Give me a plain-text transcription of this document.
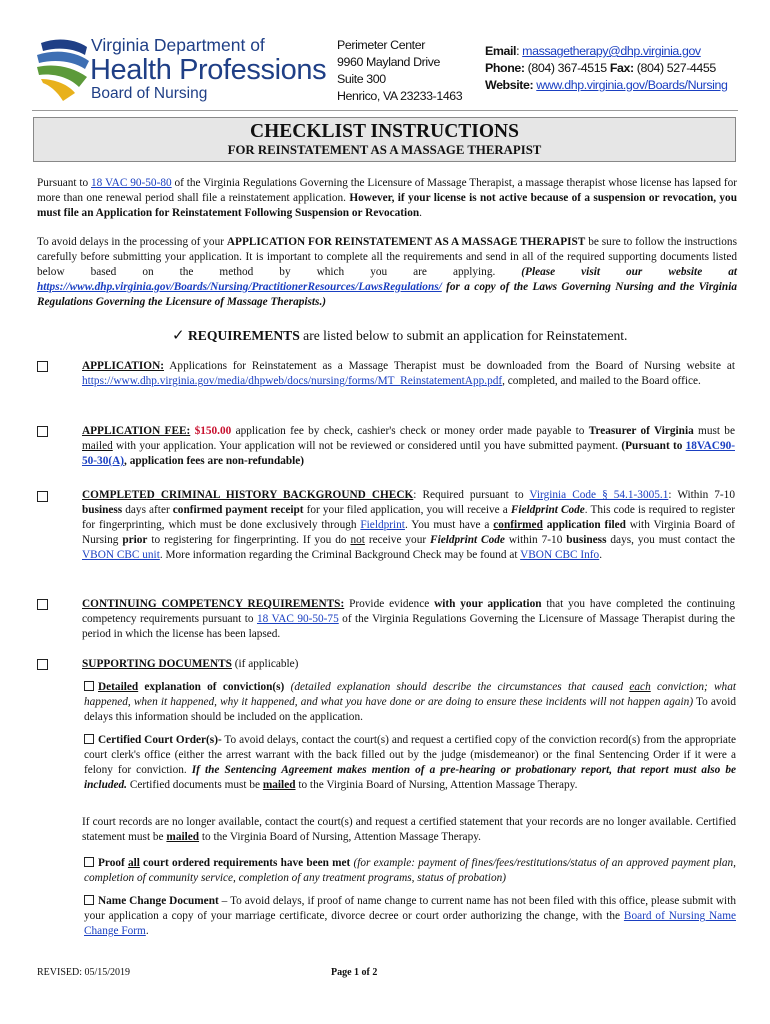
Virginia Department of
Health Professions
Board of Nursing
Perimeter Center
9960 Mayland Drive
Suite 300
Henrico, VA 23233-1463
Email: massagetherapy@dhp.virginia.gov
Phone: (804) 367-4515 Fax: (804) 527-4455
Website: www.dhp.virginia.gov/Boards/Nursing
CHECKLIST INSTRUCTIONS
FOR REINSTATEMENT AS A MASSAGE THERAPIST
Pursuant to 18 VAC 90-50-80 of the Virginia Regulations Governing the Licensure of Massage Therapist, a massage therapist whose license has lapsed for more than one renewal period shall file a reinstatement application. However, if your license is not active because of a suspension or revocation, you must file an Application for Reinstatement Following Suspension or Revocation.
To avoid delays in the processing of your APPLICATION FOR REINSTATEMENT AS A MASSAGE THERAPIST be sure to follow the instructions carefully before submitting your application. It is important to complete all the requirements and send in all of the required supporting documents listed below based on the method by which you are applying. (Please visit our website at https://www.dhp.virginia.gov/Boards/Nursing/PractitionerResources/LawsRegulations/ for a copy of the Laws Governing Nursing and the Virginia Regulations Governing the Licensure of Massage Therapists.)
✓ REQUIREMENTS are listed below to submit an application for Reinstatement.
APPLICATION: Applications for Reinstatement as a Massage Therapist must be downloaded from the Board of Nursing website at https://www.dhp.virginia.gov/media/dhpweb/docs/nursing/forms/MT_ReinstatementApp.pdf, completed, and mailed to the Board office.
APPLICATION FEE: $150.00 application fee by check, cashier's check or money order made payable to Treasurer of Virginia must be mailed with your application. Your application will not be reviewed or considered until you have submitted payment. (Pursuant to 18VAC90-50-30(A), application fees are non-refundable)
COMPLETED CRIMINAL HISTORY BACKGROUND CHECK: Required pursuant to Virginia Code § 54.1-3005.1: Within 7-10 business days after confirmed payment receipt for your filed application, you will receive a Fieldprint Code. This code is required to register for fingerprinting, which must be done exclusively through Fieldprint. You must have a confirmed application filed with Virginia Board of Nursing prior to registering for fingerprinting. If you do not receive your Fieldprint Code within 7-10 business days, you must contact the VBON CBC unit. More information regarding the Criminal Background Check may be found at VBON CBC Info.
CONTINUING COMPETENCY REQUIREMENTS: Provide evidence with your application that you have completed the continuing competency requirements pursuant to 18 VAC 90-50-75 of the Virginia Regulations Governing the Licensure of Massage Therapist during the period in which the license has been lapsed.
SUPPORTING DOCUMENTS (if applicable)
Detailed explanation of conviction(s) (detailed explanation should describe the circumstances that caused each conviction; what happened, when it happened, why it happened, and what you have done or are doing to ensure these incidents will not happen again) To avoid delays this information should be included on the application.
Certified Court Order(s)- To avoid delays, contact the court(s) and request a certified copy of the conviction record(s) from the appropriate court clerk's office (either the arrest warrant with the back filled out by the judge (misdemeanor) or the final Sentencing Order if it were a felony for conviction. If the Sentencing Agreement makes mention of a pre-hearing or probationary report, that report must also be included. Certified documents must be mailed to the Virginia Board of Nursing, Attention Massage Therapy.
If court records are no longer available, contact the court(s) and request a certified statement that your records are no longer available. Certified statement must be mailed to the Virginia Board of Nursing, Attention Massage Therapy.
Proof all court ordered requirements have been met (for example: payment of fines/fees/restitutions/status of an approved payment plan, completion of community service, completion of any treatment programs, status of probation)
Name Change Document – To avoid delays, if proof of name change to current name has not been filed with this office, please submit with your application a copy of your marriage certificate, divorce decree or court order authorizing the change, with the Board of Nursing Name Change Form.
REVISED: 05/15/2019	Page 1 of 2
